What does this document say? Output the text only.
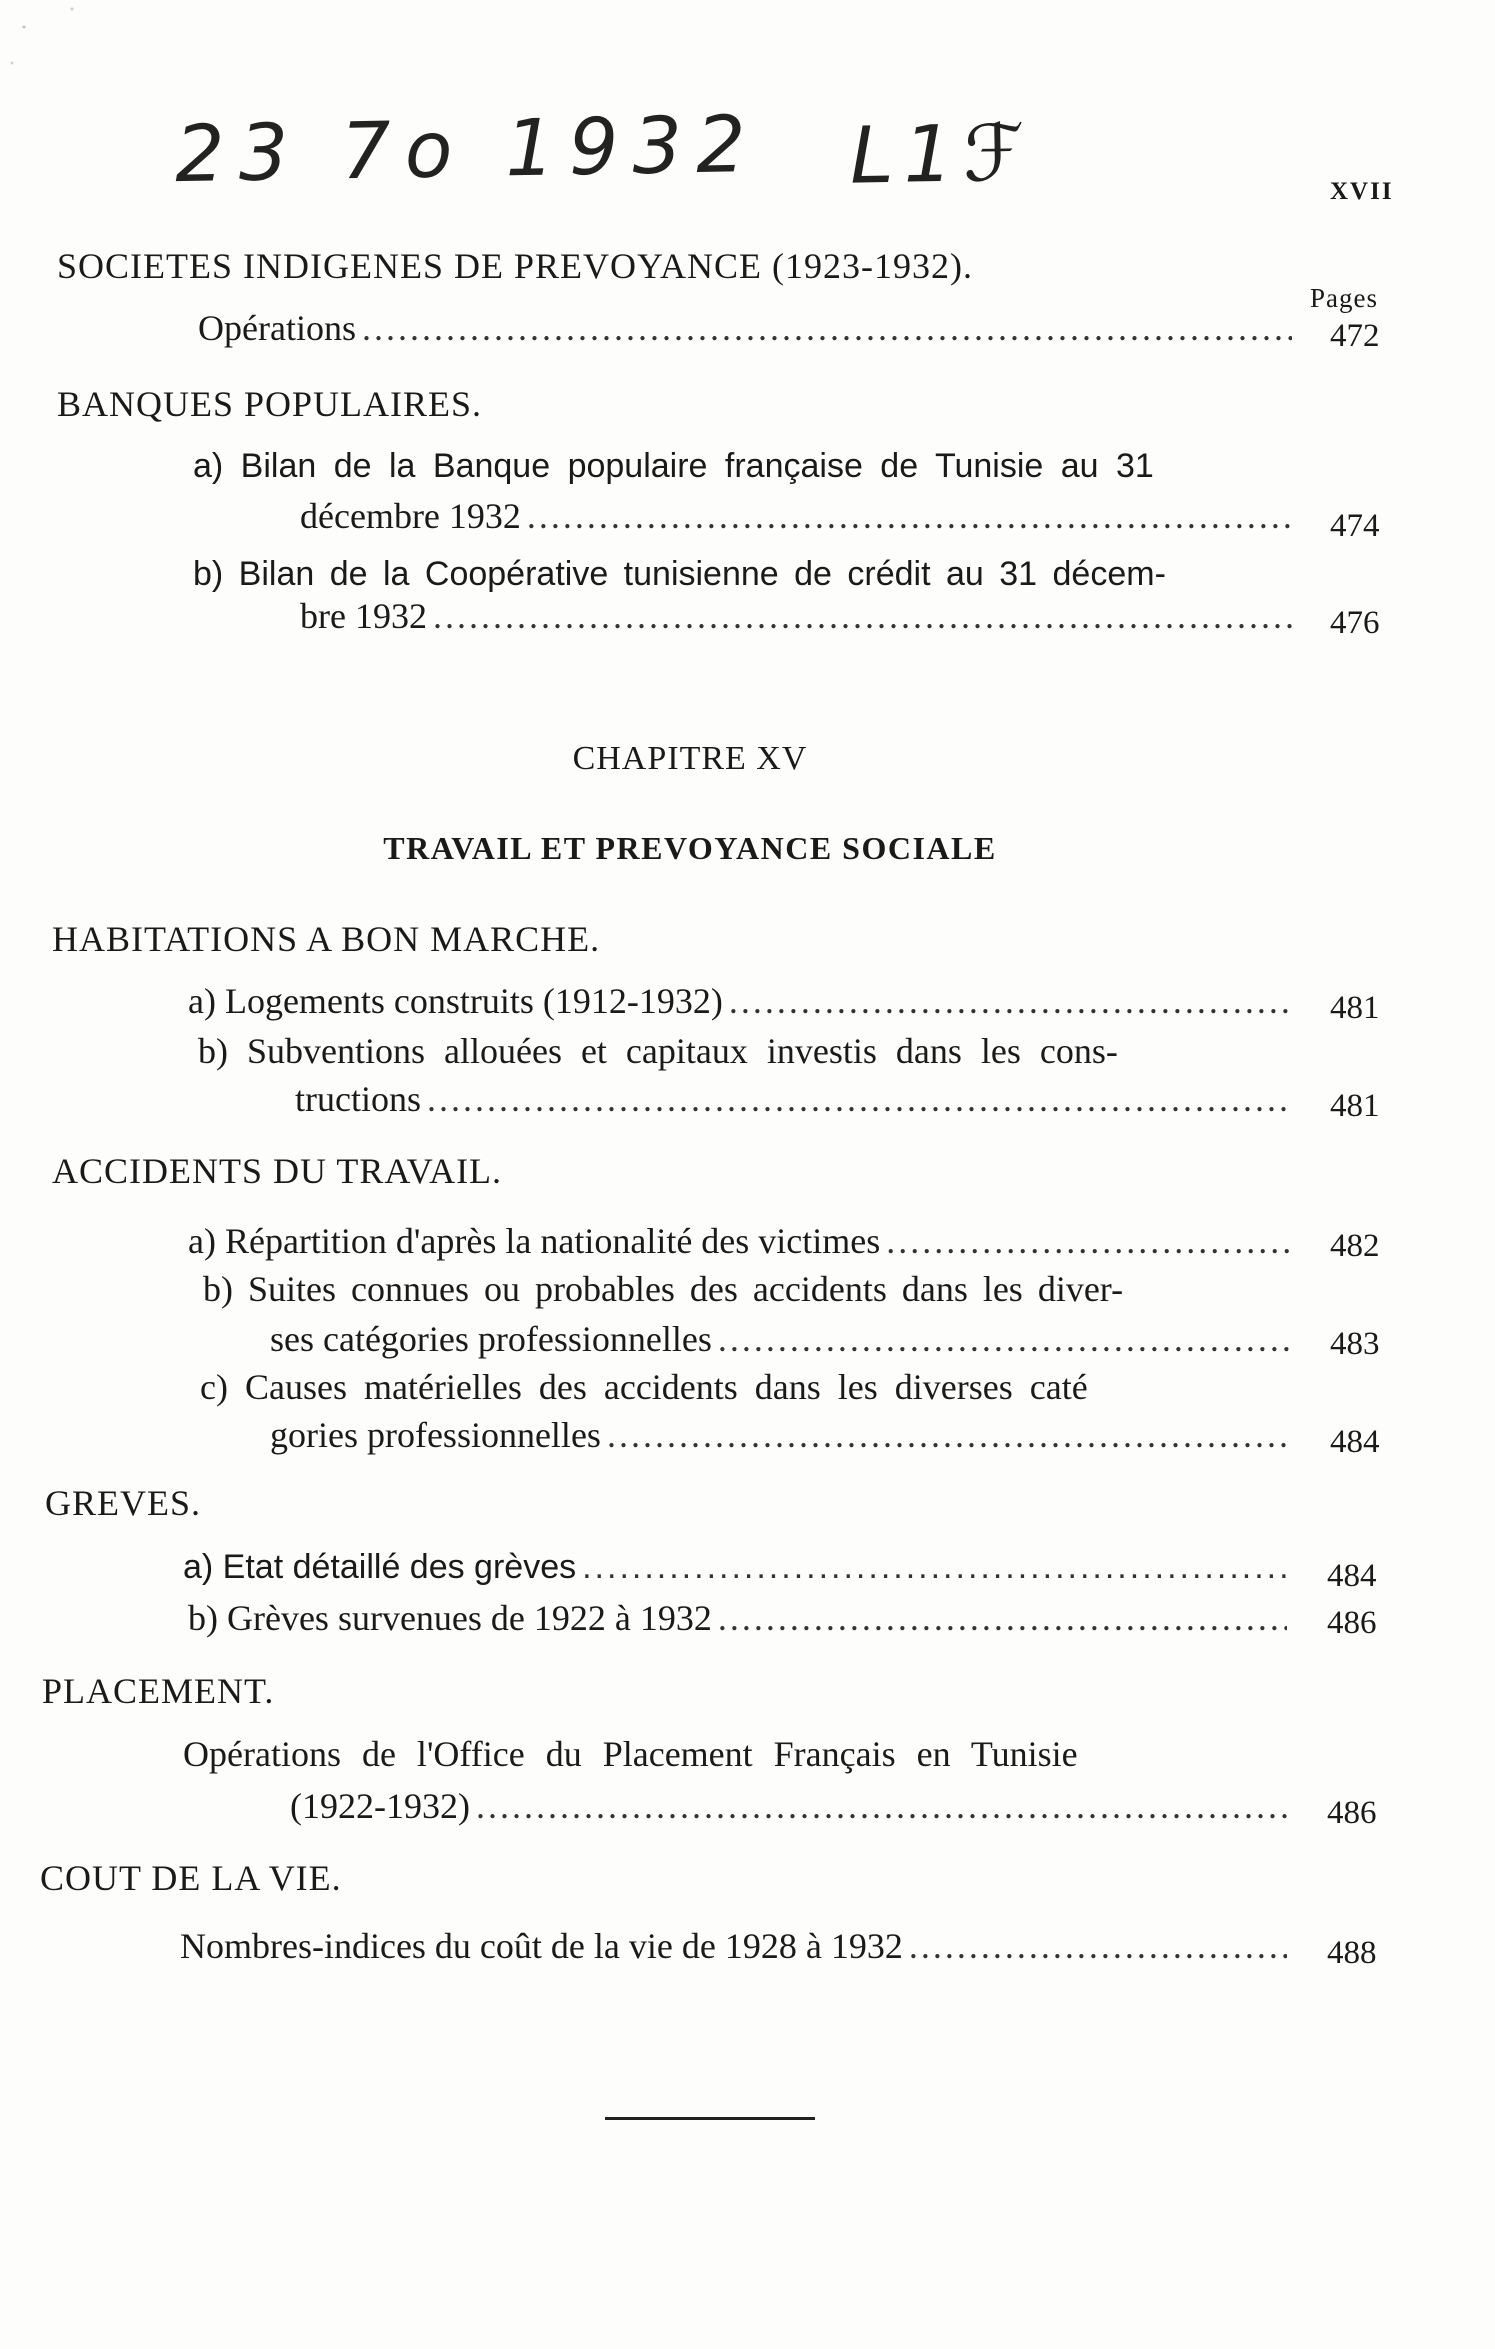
23 7o 1932 L1ℱ	XVII
SOCIETES INDIGENES DE PREVOYANCE (1923-1932).
Pages
Opérations .....	472
BANQUES POPULAIRES.
a) Bilan de la Banque populaire française de Tunisie au 31
décembre 1932 .....	474
b) Bilan de la Coopérative tunisienne de crédit au 31 décem-
bre 1932 .....	476
CHAPITRE XV
TRAVAIL ET PREVOYANCE SOCIALE
HABITATIONS A BON MARCHE.
a) Logements construits (1912-1932) .....	481
b) Subventions allouées et capitaux investis dans les cons-
tructions .....	481
ACCIDENTS DU TRAVAIL.
a) Répartition d'après la nationalité des victimes .....	482
b) Suites connues ou probables des accidents dans les diver-
ses catégories professionnelles .....	483
c) Causes matérielles des accidents dans les diverses caté
gories professionnelles .....	484
GREVES.
a) Etat détaillé des grèves .....	484
b) Grèves survenues de 1922 à 1932 .....	486
PLACEMENT.
Opérations de l'Office du Placement Français en Tunisie
(1922-1932) .....	486
COUT DE LA VIE.
Nombres-indices du coût de la vie de 1928 à 1932 .....	488
